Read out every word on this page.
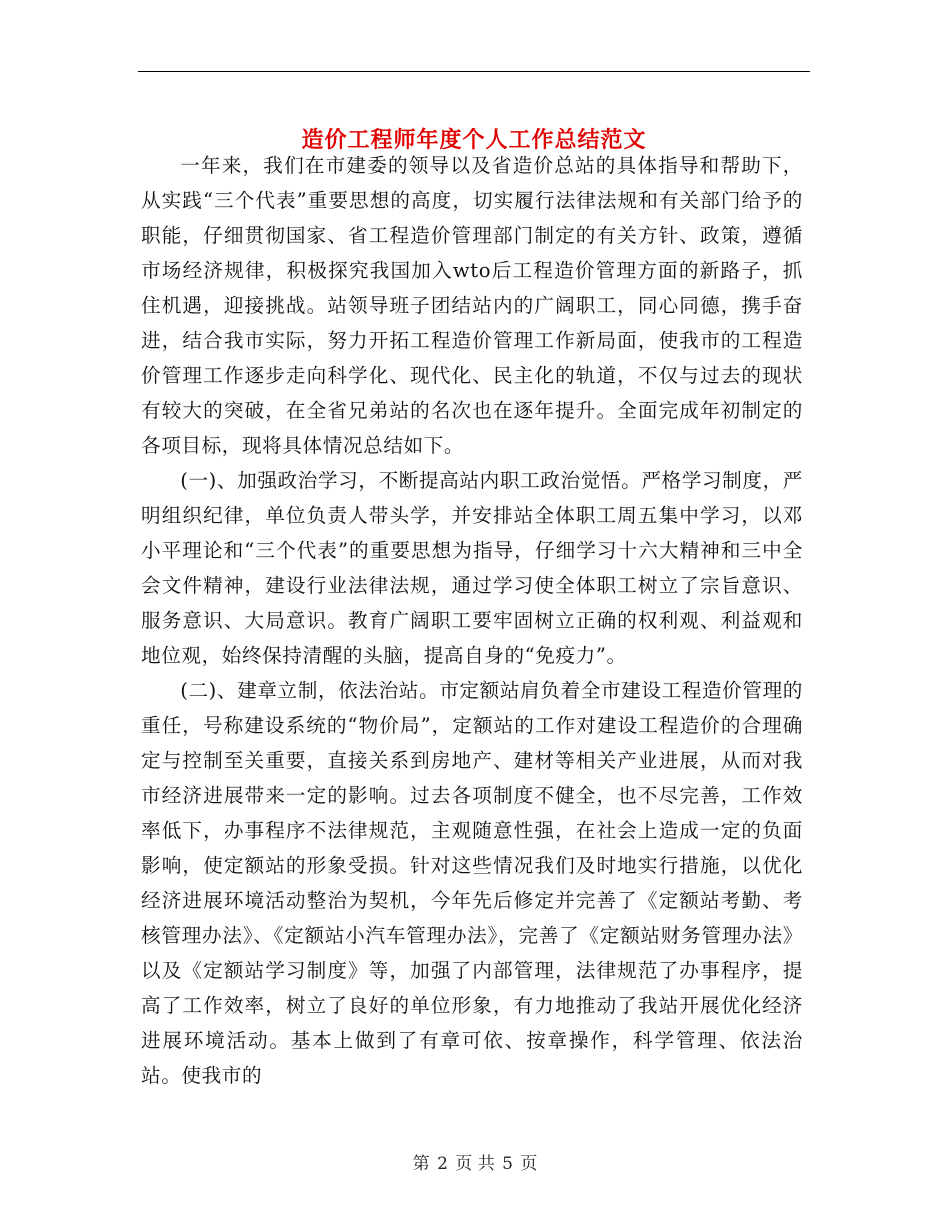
造价工程师年度个人工作总结范文

一年来，我们在市建委的领导以及省造价总站的具体指导和帮助下，从实践“三个代表”重要思想的高度，切实履行法律法规和有关部门给予的职能，仔细贯彻国家、省工程造价管理部门制定的有关方针、政策，遵循市场经济规律，积极探究我国加入wto后工程造价管理方面的新路子，抓住机遇，迎接挑战。站领导班子团结站内的广阔职工，同心同德，携手奋进，结合我市实际，努力开拓工程造价管理工作新局面，使我市的工程造价管理工作逐步走向科学化、现代化、民主化的轨道，不仅与过去的现状有较大的突破，在全省兄弟站的名次也在逐年提升。全面完成年初制定的各项目标，现将具体情况总结如下。

(一)、加强政治学习，不断提高站内职工政治觉悟。严格学习制度，严明组织纪律，单位负责人带头学，并安排站全体职工周五集中学习，以邓小平理论和“三个代表”的重要思想为指导，仔细学习十六大精神和三中全会文件精神，建设行业法律法规，通过学习使全体职工树立了宗旨意识、服务意识、大局意识。教育广阔职工要牢固树立正确的权利观、利益观和地位观，始终保持清醒的头脑，提高自身的“免疫力”。

(二)、建章立制，依法治站。市定额站肩负着全市建设工程造价管理的重任，号称建设系统的“物价局”，定额站的工作对建设工程造价的合理确定与控制至关重要，直接关系到房地产、建材等相关产业进展，从而对我市经济进展带来一定的影响。过去各项制度不健全，也不尽完善，工作效率低下，办事程序不法律规范，主观随意性强，在社会上造成一定的负面影响，使定额站的形象受损。针对这些情况我们及时地实行措施，以优化经济进展环境活动整治为契机，今年先后修定并完善了《定额站考勤、考核管理办法》、《定额站小汽车管理办法》，完善了《定额站财务管理办法》以及《定额站学习制度》等，加强了内部管理，法律规范了办事程序，提高了工作效率，树立了良好的单位形象，有力地推动了我站开展优化经济进展环境活动。基本上做到了有章可依、按章操作，科学管理、依法治站。使我市的

第 2 页 共 5 页
